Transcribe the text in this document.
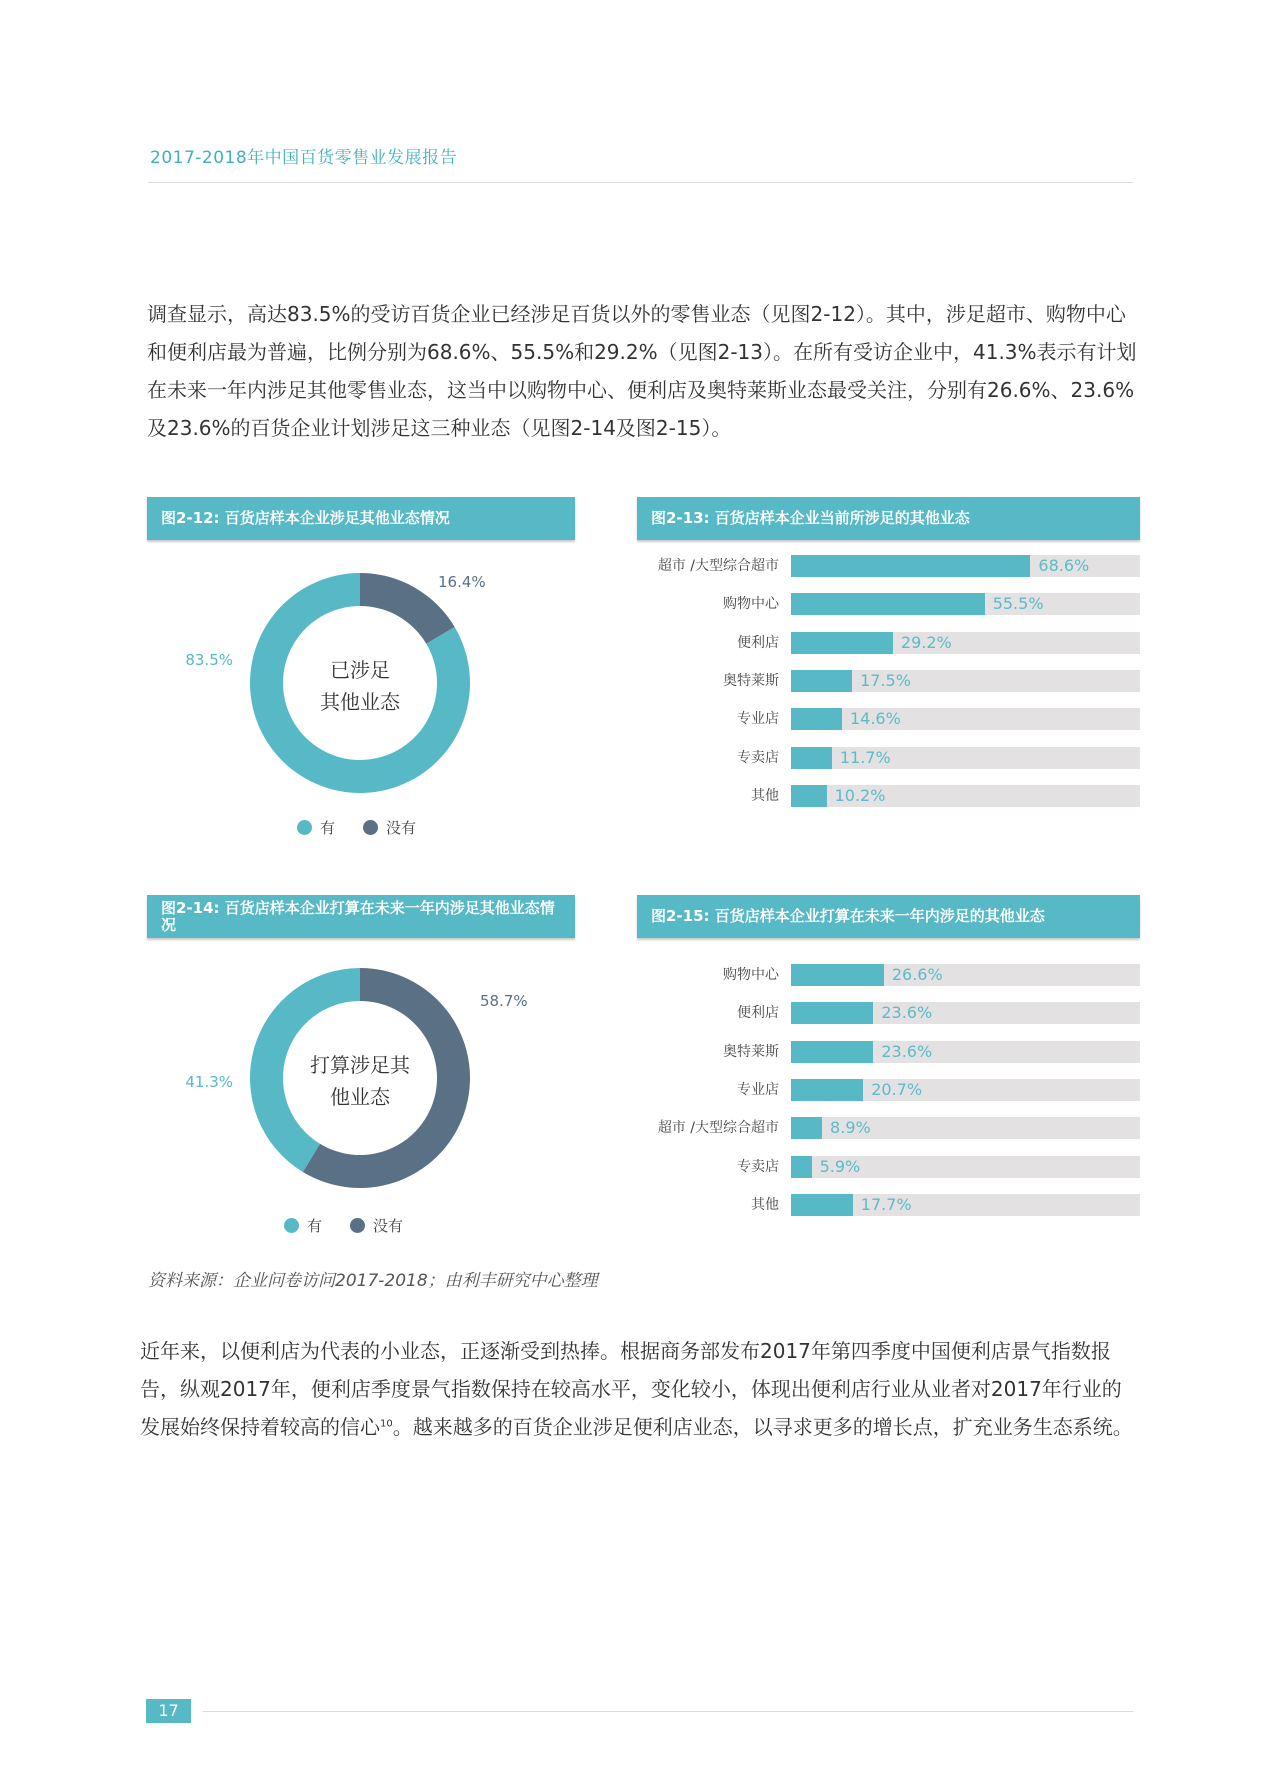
2017-2018年中国百货零售业发展报告

调查显示，高达83.5%的受访百货企业已经涉足百货以外的零售业态（见图2-12）。其中，涉足超市、购物中心和便利店最为普遍，比例分别为68.6%、55.5%和29.2%（见图2-13）。在所有受访企业中，41.3%表示有计划在未来一年内涉足其他零售业态，这当中以购物中心、便利店及奥特莱斯业态最受关注，分别有26.6%、23.6%及23.6%的百货企业计划涉足这三种业态（见图2-14及图2-15）。

图2-12: 百货店样本企业涉足其他业态情况
83.5%
16.4%
已涉足
其他业态
有	没有
图2-13: 百货店样本企业当前所涉足的其他业态
超市 /大型综合超市	68.6%
购物中心	55.5%
便利店	29.2%
奥特莱斯	17.5%
专业店	14.6%
专卖店	11.7%
其他	10.2%
图2-14: 百货店样本企业打算在未来一年内涉足其他业态情况
41.3%
58.7%
打算涉足其
他业态
有	没有
图2-15: 百货店样本企业打算在未来一年内涉足的其他业态
购物中心	26.6%
便利店	23.6%
奥特莱斯	23.6%
专业店	20.7%
超市 /大型综合超市	8.9%
专卖店	5.9%
其他	17.7%
资料来源：企业问卷访问2017-2018；由利丰研究中心整理

近年来，以便利店为代表的小业态，正逐渐受到热捧。根据商务部发布2017年第四季度中国便利店景气指数报告，纵观2017年，便利店季度景气指数保持在较高水平，变化较小，体现出便利店行业从业者对2017年行业的发展始终保持着较高的信心$^{10}$。越来越多的百货企业涉足便利店业态，以寻求更多的增长点，扩充业务生态系统。

17
